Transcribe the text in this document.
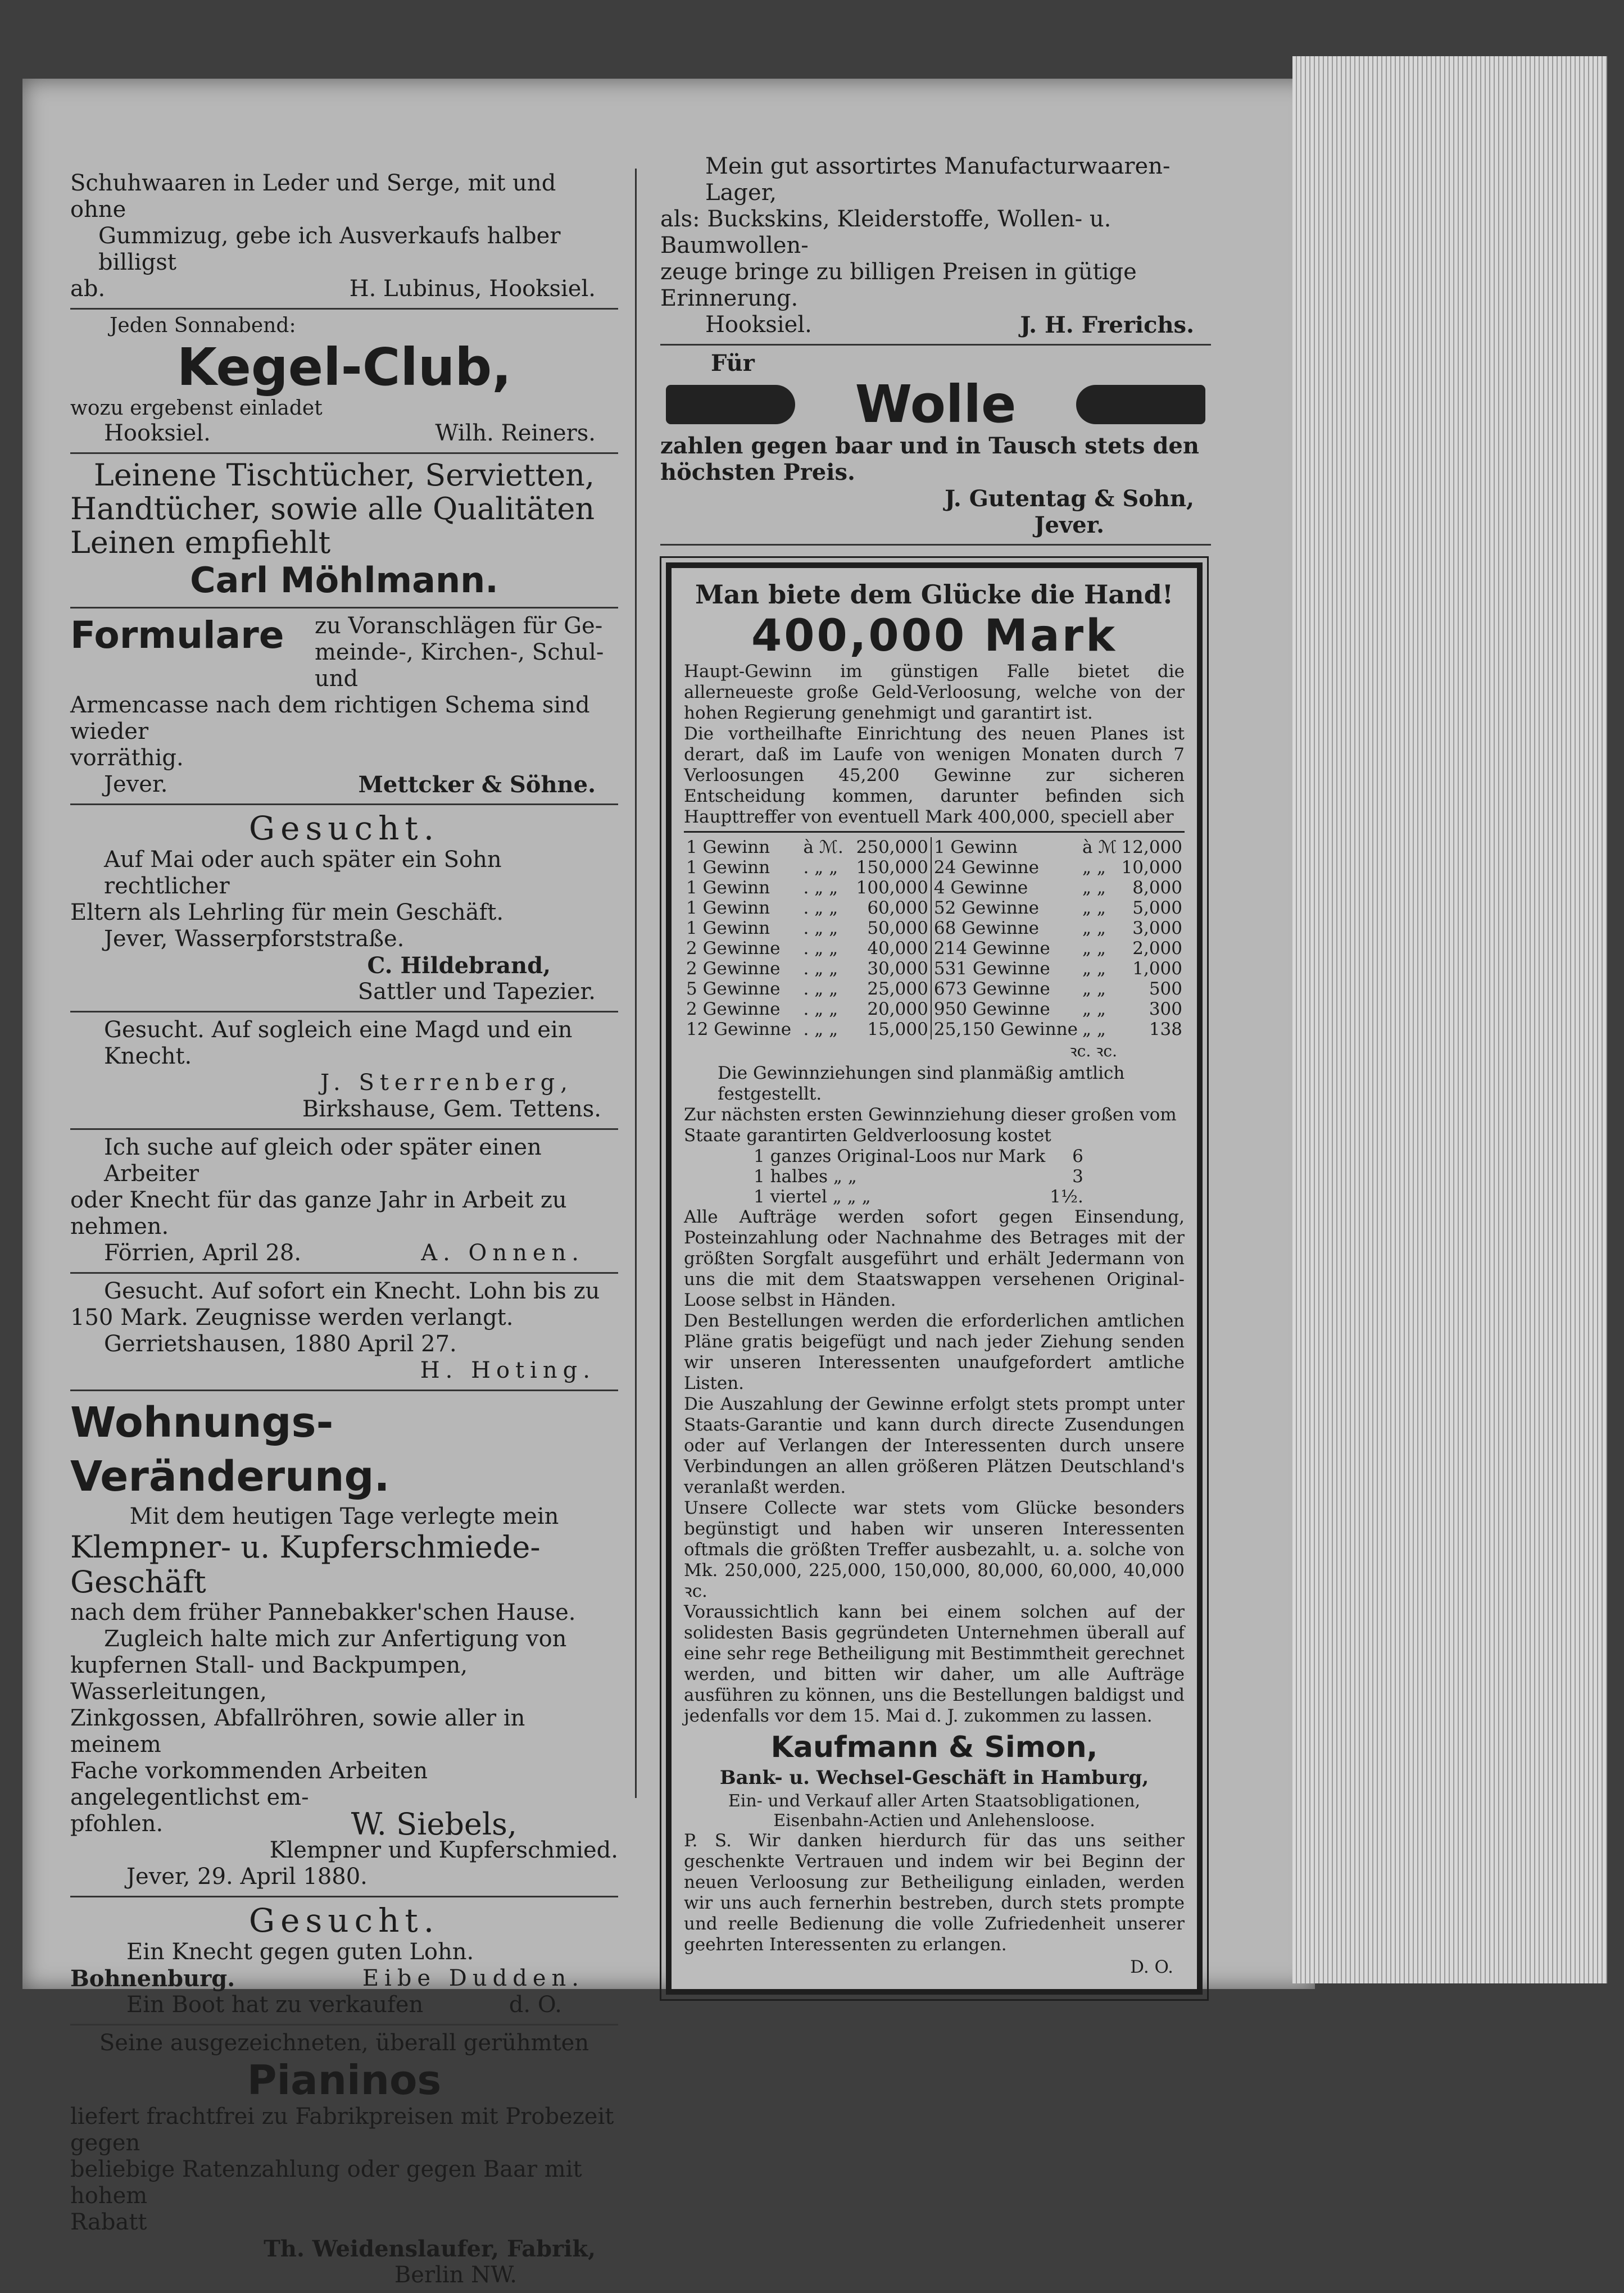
Schuhwaaren in Leder und Serge, mit und ohne

Gummizug, gebe ich Ausverkaufs halber billigst

ab.	H. Lubinus, Hooksiel.

Jeden Sonnabend:

Kegel-Club,

wozu ergebenst einladet

Hooksiel.	Wilh. Reiners.

Leinene Tischtücher, Servietten,

Handtücher, sowie alle Qualitäten

Leinen empfiehlt

Carl Möhlmann.

Formulare zu Voranschlägen für Ge-

meinde-, Kirchen-, Schul- und

Armencasse nach dem richtigen Schema sind wieder

vorräthig.

Jever.	Mettcker & Söhne.

Gesucht.

Auf Mai oder auch später ein Sohn rechtlicher

Eltern als Lehrling für mein Geschäft.

Jever, Wasserpforststraße.

C. Hildebrand,

Sattler und Tapezier.

Gesucht. Auf sogleich eine Magd und ein Knecht.

J. Sterrenberg,

Birkshause, Gem. Tettens.

Ich suche auf gleich oder später einen Arbeiter

oder Knecht für das ganze Jahr in Arbeit zu nehmen.

Förrien, April 28.	A. Onnen.

Gesucht. Auf sofort ein Knecht. Lohn bis zu

150 Mark. Zeugnisse werden verlangt.

Gerrietshausen, 1880 April 27.

H. Hoting.

Wohnungs-Veränderung.

Mit dem heutigen Tage verlegte mein

Klempner- u. Kupferschmiede-Geschäft

nach dem früher Pannebakker'schen Hause.

Zugleich halte mich zur Anfertigung von

kupfernen Stall- und Backpumpen, Wasserleitungen,

Zinkgossen, Abfallröhren, sowie aller in meinem

Fache vorkommenden Arbeiten angelegentlichst em-

pfohlen.	W. Siebels,

Klempner und Kupferschmied.

Jever, 29. April 1880.

Gesucht.

Ein Knecht gegen guten Lohn.

Bohnenburg.	Eibe Dudden.

Ein Boot hat zu verkaufen	d. O.

Seine ausgezeichneten, überall gerühmten

Pianinos

liefert frachtfrei zu Fabrikpreisen mit Probezeit gegen

beliebige Ratenzahlung oder gegen Baar mit hohem

Rabatt

Th. Weidenslaufer, Fabrik,

Berlin NW.

Mein gut assortirtes Manufacturwaaren-Lager,

als: Buckskins, Kleiderstoffe, Wollen- u. Baumwollen-

zeuge bringe zu billigen Preisen in gütige Erinnerung.

Hooksiel.	J. H. Frerichs.

Für

Wolle

zahlen gegen baar und in Tausch stets den

höchsten Preis.

J. Gutentag & Sohn,

Jever.

Man biete dem Glücke die Hand!

400,000 Mark

Haupt-Gewinn im günstigen Falle bietet die allerneueste große Geld-Verloosung, welche von der hohen Regierung genehmigt und garantirt ist.

Die vortheilhafte Einrichtung des neuen Planes ist derart, daß im Laufe von wenigen Monaten durch 7 Verloosungen 45,200 Gewinne zur sicheren Entscheidung kommen, darunter befinden sich Haupttreffer von eventuell Mark 400,000, speciell aber

1 Gewinn	à ℳ.	250,000
1 Gewinn	. „ „	150,000
1 Gewinn	. „ „	100,000
1 Gewinn	. „ „	60,000
1 Gewinn	. „ „	50,000
2 Gewinne	. „ „	40,000
2 Gewinne	. „ „	30,000
5 Gewinne	. „ „	25,000
2 Gewinne	. „ „	20,000
12 Gewinne	. „ „	15,000
1 Gewinn	à ℳ	12,000
24 Gewinne	„ „	10,000
4 Gewinne	„ „	8,000
52 Gewinne	„ „	5,000
68 Gewinne	„ „	3,000
214 Gewinne	„ „	2,000
531 Gewinne	„ „	1,000
673 Gewinne	„ „	500
950 Gewinne	„ „	300
25,150 Gewinne	„ „	138

ꝛc. ꝛc.

Die Gewinnziehungen sind planmäßig amtlich festgestellt.

Zur nächsten ersten Gewinnziehung dieser großen vom Staate garantirten Geldverloosung kostet

1 ganzes Original-Loos nur Mark	6
1 halbes „ „	3
1 viertel „ „ „	1½.

Alle Aufträge werden sofort gegen Einsendung, Posteinzahlung oder Nachnahme des Betrages mit der größten Sorgfalt ausgeführt und erhält Jedermann von uns die mit dem Staatswappen versehenen Original-Loose selbst in Händen.

Den Bestellungen werden die erforderlichen amtlichen Pläne gratis beigefügt und nach jeder Ziehung senden wir unseren Interessenten unaufgefordert amtliche Listen.

Die Auszahlung der Gewinne erfolgt stets prompt unter Staats-Garantie und kann durch directe Zusendungen oder auf Verlangen der Interessenten durch unsere Verbindungen an allen größeren Plätzen Deutschland's veranlaßt werden.

Unsere Collecte war stets vom Glücke besonders begünstigt und haben wir unseren Interessenten oftmals die größten Treffer ausbezahlt, u. a. solche von Mk. 250,000, 225,000, 150,000, 80,000, 60,000, 40,000 ꝛc.

Voraussichtlich kann bei einem solchen auf der solidesten Basis gegründeten Unternehmen überall auf eine sehr rege Betheiligung mit Bestimmtheit gerechnet werden, und bitten wir daher, um alle Aufträge ausführen zu können, uns die Bestellungen baldigst und jedenfalls vor dem 15. Mai d. J. zukommen zu lassen.

Kaufmann & Simon,

Bank- u. Wechsel-Geschäft in Hamburg,

Ein- und Verkauf aller Arten Staatsobligationen, Eisenbahn-Actien und Anlehensloose.

P. S. Wir danken hierdurch für das uns seither geschenkte Vertrauen und indem wir bei Beginn der neuen Verloosung zur Betheiligung einladen, werden wir uns auch fernerhin bestreben, durch stets prompte und reelle Bedienung die volle Zufriedenheit unserer geehrten Interessenten zu erlangen.

D. O.
